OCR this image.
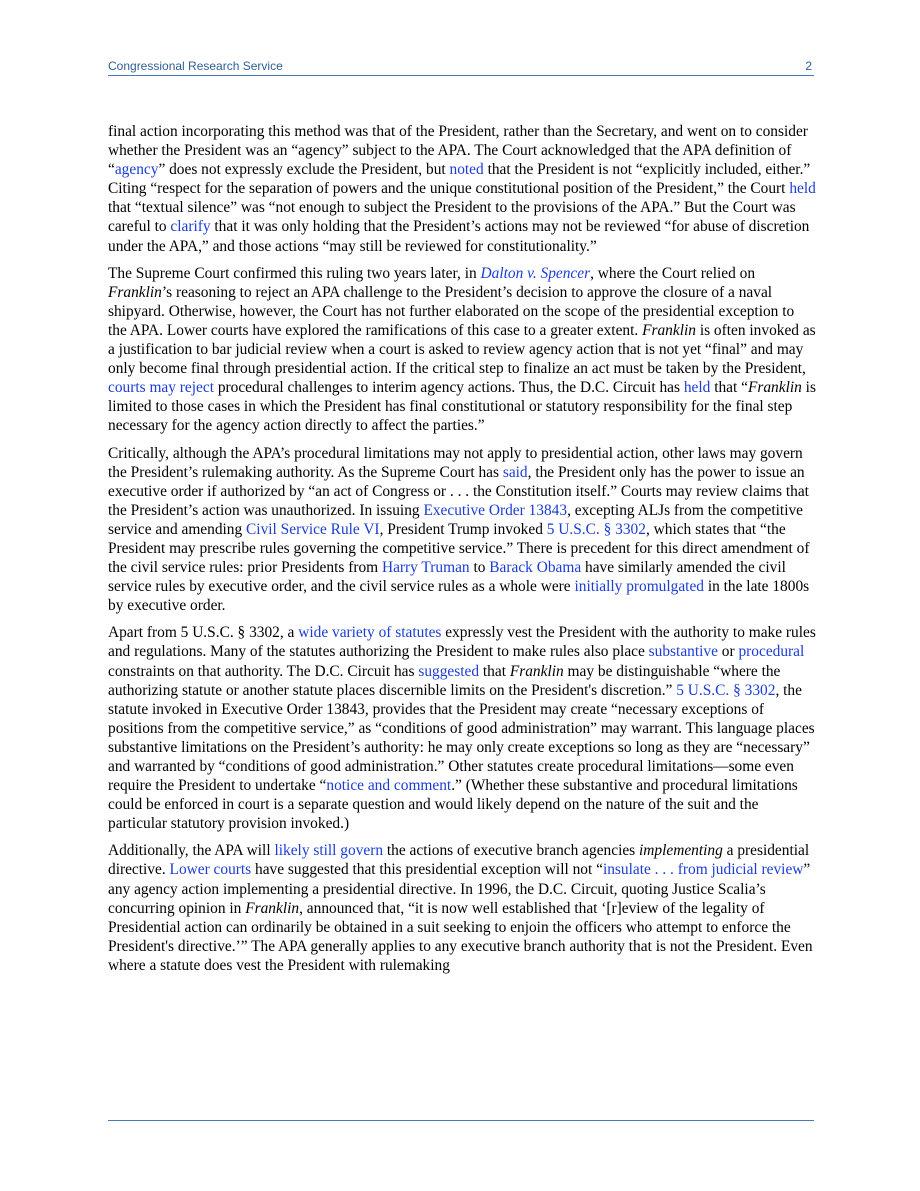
Congressional Research Service	2

final action incorporating this method was that of the President, rather than the Secretary, and went on to consider whether the President was an “agency” subject to the APA. The Court acknowledged that the APA definition of “agency” does not expressly exclude the President, but noted that the President is not “explicitly included, either.” Citing “respect for the separation of powers and the unique constitutional position of the President,” the Court held that “textual silence” was “not enough to subject the President to the provisions of the APA.” But the Court was careful to clarify that it was only holding that the President’s actions may not be reviewed “for abuse of discretion under the APA,” and those actions “may still be reviewed for constitutionality.”

The Supreme Court confirmed this ruling two years later, in Dalton v. Spencer, where the Court relied on Franklin’s reasoning to reject an APA challenge to the President’s decision to approve the closure of a naval shipyard. Otherwise, however, the Court has not further elaborated on the scope of the presidential exception to the APA. Lower courts have explored the ramifications of this case to a greater extent. Franklin is often invoked as a justification to bar judicial review when a court is asked to review agency action that is not yet “final” and may only become final through presidential action. If the critical step to finalize an act must be taken by the President, courts may reject procedural challenges to interim agency actions. Thus, the D.C. Circuit has held that “Franklin is limited to those cases in which the President has final constitutional or statutory responsibility for the final step necessary for the agency action directly to affect the parties.”

Critically, although the APA’s procedural limitations may not apply to presidential action, other laws may govern the President’s rulemaking authority. As the Supreme Court has said, the President only has the power to issue an executive order if authorized by “an act of Congress or . . . the Constitution itself.” Courts may review claims that the President’s action was unauthorized. In issuing Executive Order 13843, excepting ALJs from the competitive service and amending Civil Service Rule VI, President Trump invoked 5 U.S.C. § 3302, which states that “the President may prescribe rules governing the competitive service.” There is precedent for this direct amendment of the civil service rules: prior Presidents from Harry Truman to Barack Obama have similarly amended the civil service rules by executive order, and the civil service rules as a whole were initially promulgated in the late 1800s by executive order.

Apart from 5 U.S.C. § 3302, a wide variety of statutes expressly vest the President with the authority to make rules and regulations. Many of the statutes authorizing the President to make rules also place substantive or procedural constraints on that authority. The D.C. Circuit has suggested that Franklin may be distinguishable “where the authorizing statute or another statute places discernible limits on the President's discretion.” 5 U.S.C. § 3302, the statute invoked in Executive Order 13843, provides that the President may create “necessary exceptions of positions from the competitive service,” as “conditions of good administration” may warrant. This language places substantive limitations on the President’s authority: he may only create exceptions so long as they are “necessary” and warranted by “conditions of good administration.” Other statutes create procedural limitations—some even require the President to undertake “notice and comment.” (Whether these substantive and procedural limitations could be enforced in court is a separate question and would likely depend on the nature of the suit and the particular statutory provision invoked.)

Additionally, the APA will likely still govern the actions of executive branch agencies implementing a presidential directive. Lower courts have suggested that this presidential exception will not “insulate . . . from judicial review” any agency action implementing a presidential directive. In 1996, the D.C. Circuit, quoting Justice Scalia’s concurring opinion in Franklin, announced that, “it is now well established that ‘[r]eview of the legality of Presidential action can ordinarily be obtained in a suit seeking to enjoin the officers who attempt to enforce the President's directive.’” The APA generally applies to any executive branch authority that is not the President. Even where a statute does vest the President with rulemaking
